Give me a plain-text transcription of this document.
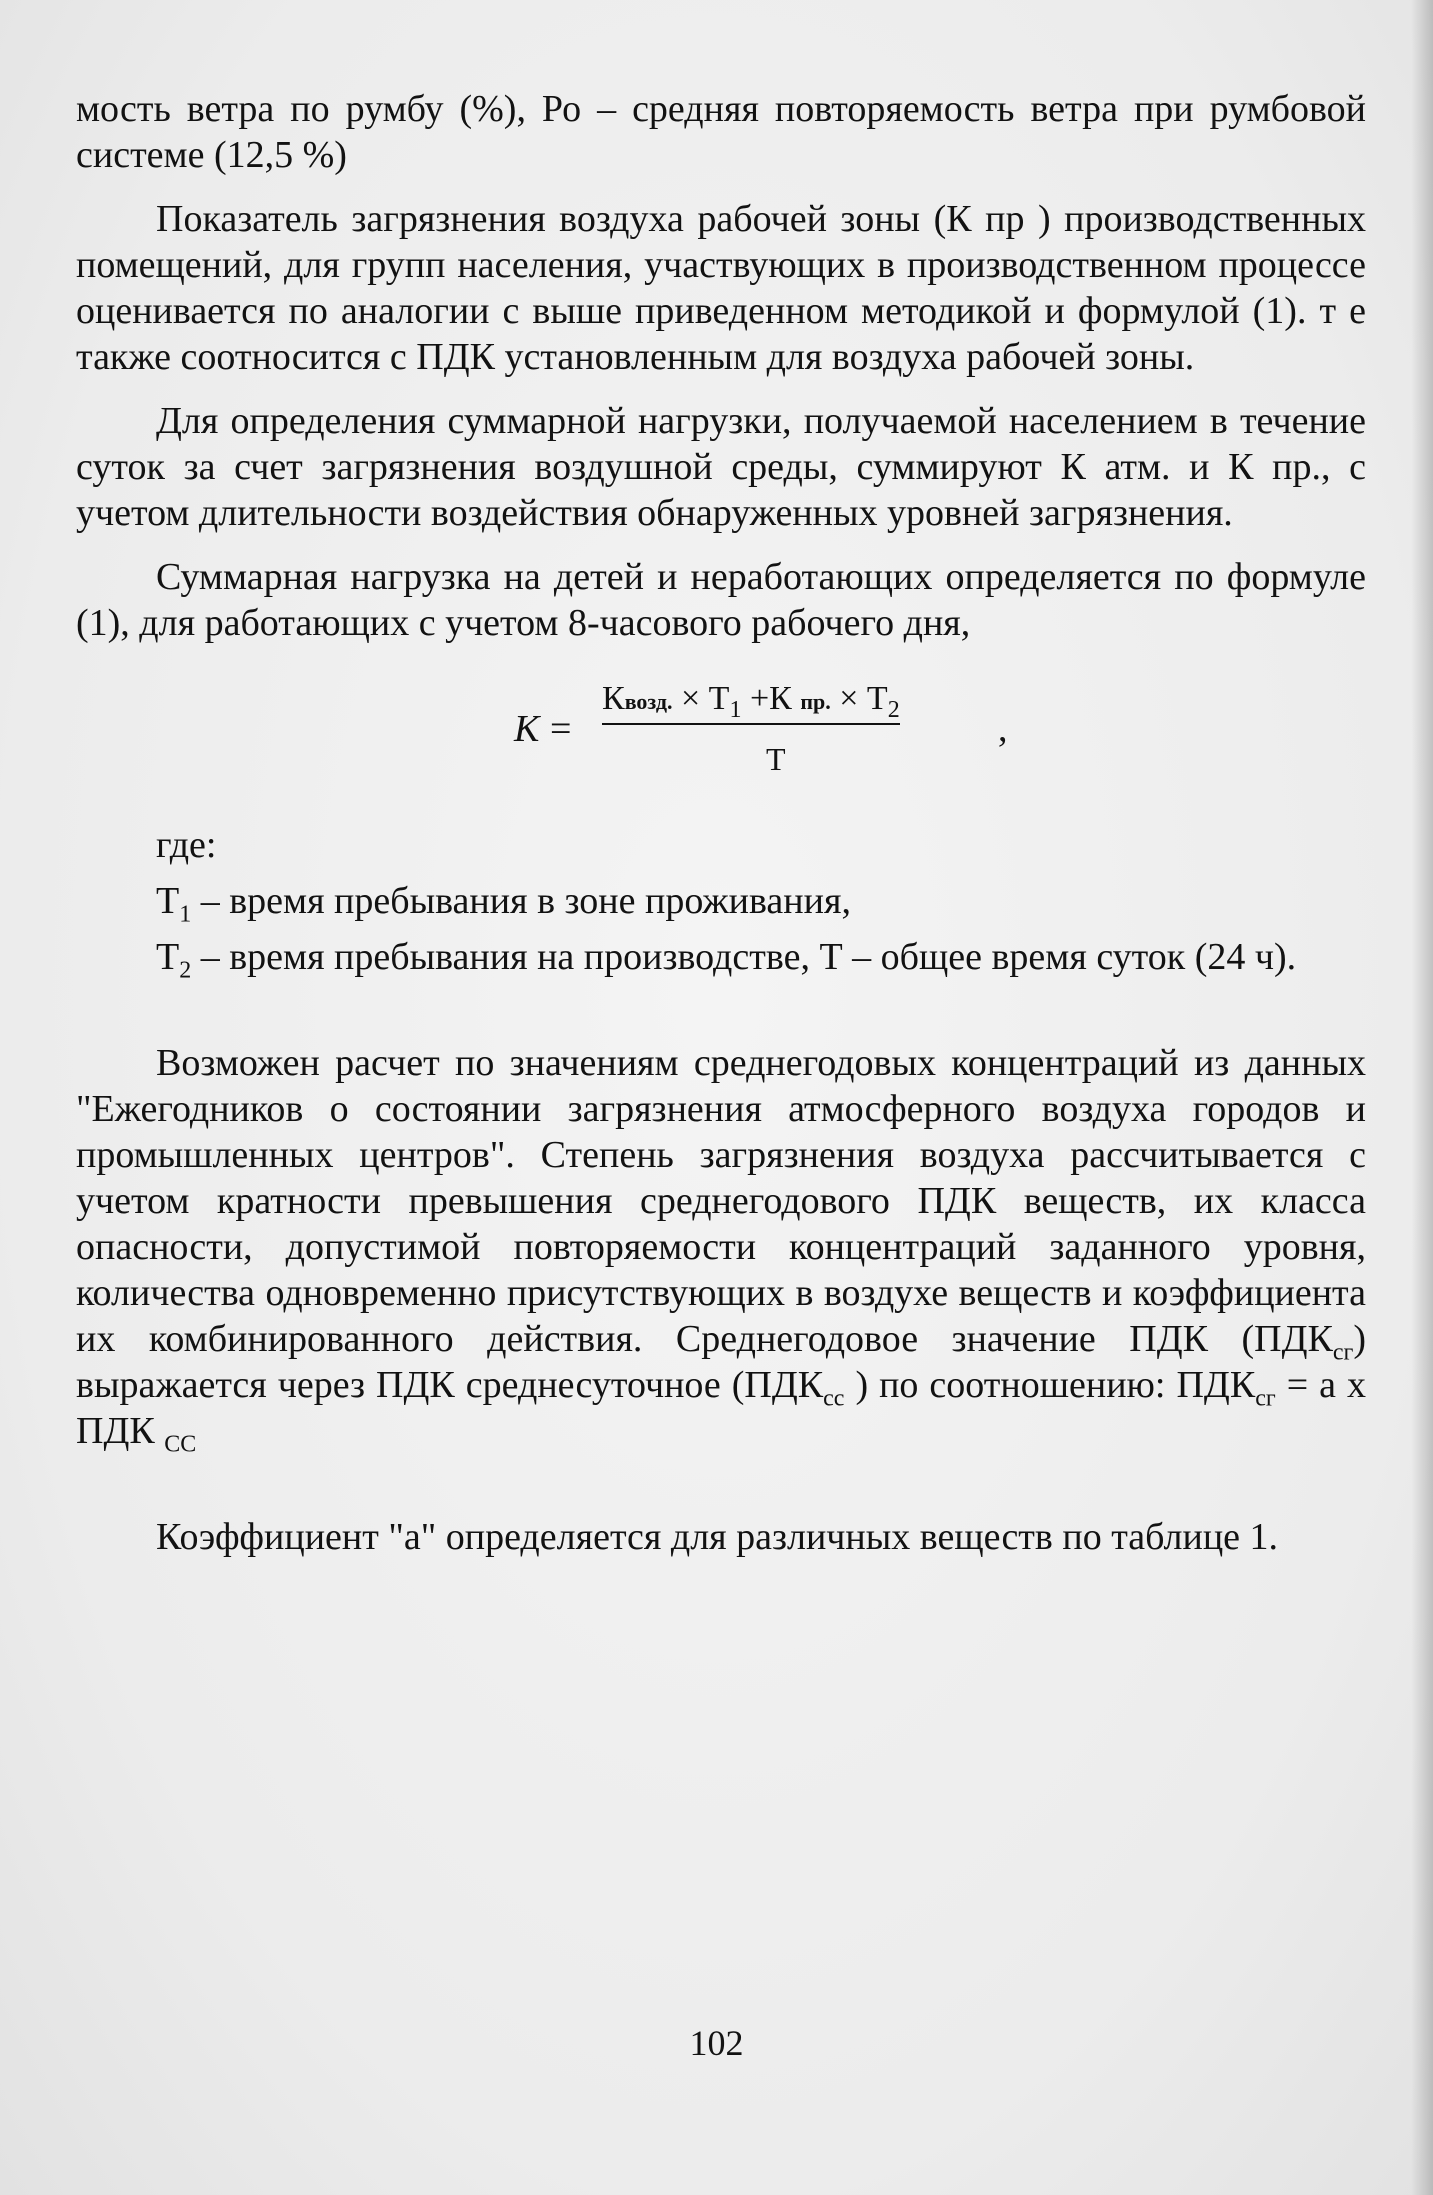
мость ветра по румбу (%), Ро – средняя повторяемость ветра при румбовой системе (12,5 %)

Показатель загрязнения воздуха рабочей зоны (К пр ) производственных помещений, для групп населения, участвующих в производственном процессе оценивается по аналогии с выше приведенном методикой и формулой (1). т е также соотносится с ПДК установленным для воздуха рабочей зоны.

Для определения суммарной нагрузки, получаемой населением в течение суток за счет загрязнения воздушной среды, суммируют К атм. и К пр., с учетом длительности воздействия обнаруженных уровней загрязнения.

Суммарная нагрузка на детей и неработающих определяется по формуле (1), для работающих с учетом 8-часового рабочего дня,

K =
Квозд. × $Т_1 +К$ пр. × $Т_2$	,
Т

где:

$Т_1$ – время пребывания в зоне проживания,

$Т_2$ – время пребывания на производстве, Т – общее время суток (24 ч).

Возможен расчет по значениям среднегодовых концентраций из данных "Ежегодников о состоянии загрязнения атмосферного воздуха городов и промышленных центров". Степень загрязнения воздуха рассчитывается с учетом кратности превышения среднегодового ПДК веществ, их класса опасности, допустимой повторяемости концентраций заданного уровня, количества одновременно присутствующих в воздухе веществ и коэффициента их комбинированного действия. Среднегодовое значение ПДК $(ПДК_{сг})$ выражается через ПДК среднесуточное ($ПДК_{сс}$ ) по соотношению: $ПДК_{сг} = а$ х ПДК $_{СС}$

Коэффициент "а" определяется для различных веществ по таблице 1.

102
